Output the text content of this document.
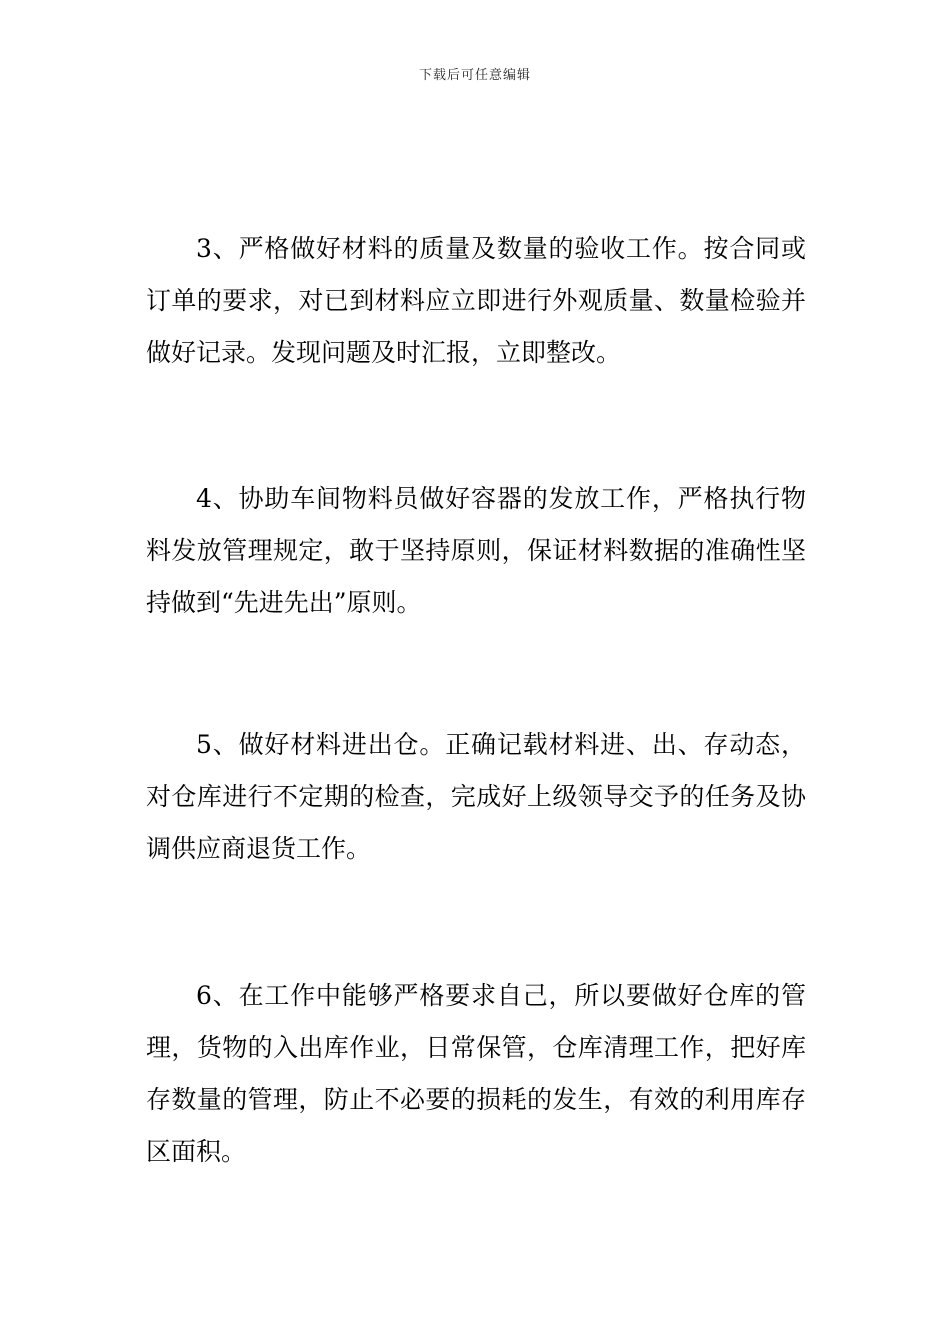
下载后可任意编辑

3、严格做好材料的质量及数量的验收工作。按合同或订单的要求，对已到材料应立即进行外观质量、数量检验并做好记录。发现问题及时汇报，立即整改。

4、协助车间物料员做好容器的发放工作，严格执行物料发放管理规定，敢于坚持原则，保证材料数据的准确性坚持做到“先进先出”原则。

5、做好材料进出仓。正确记载材料进、出、存动态，对仓库进行不定期的检查，完成好上级领导交予的任务及协调供应商退货工作。

6、在工作中能够严格要求自己，所以要做好仓库的管理，货物的入出库作业，日常保管，仓库清理工作，把好库存数量的管理，防止不必要的损耗的发生，有效的利用库存区面积。
